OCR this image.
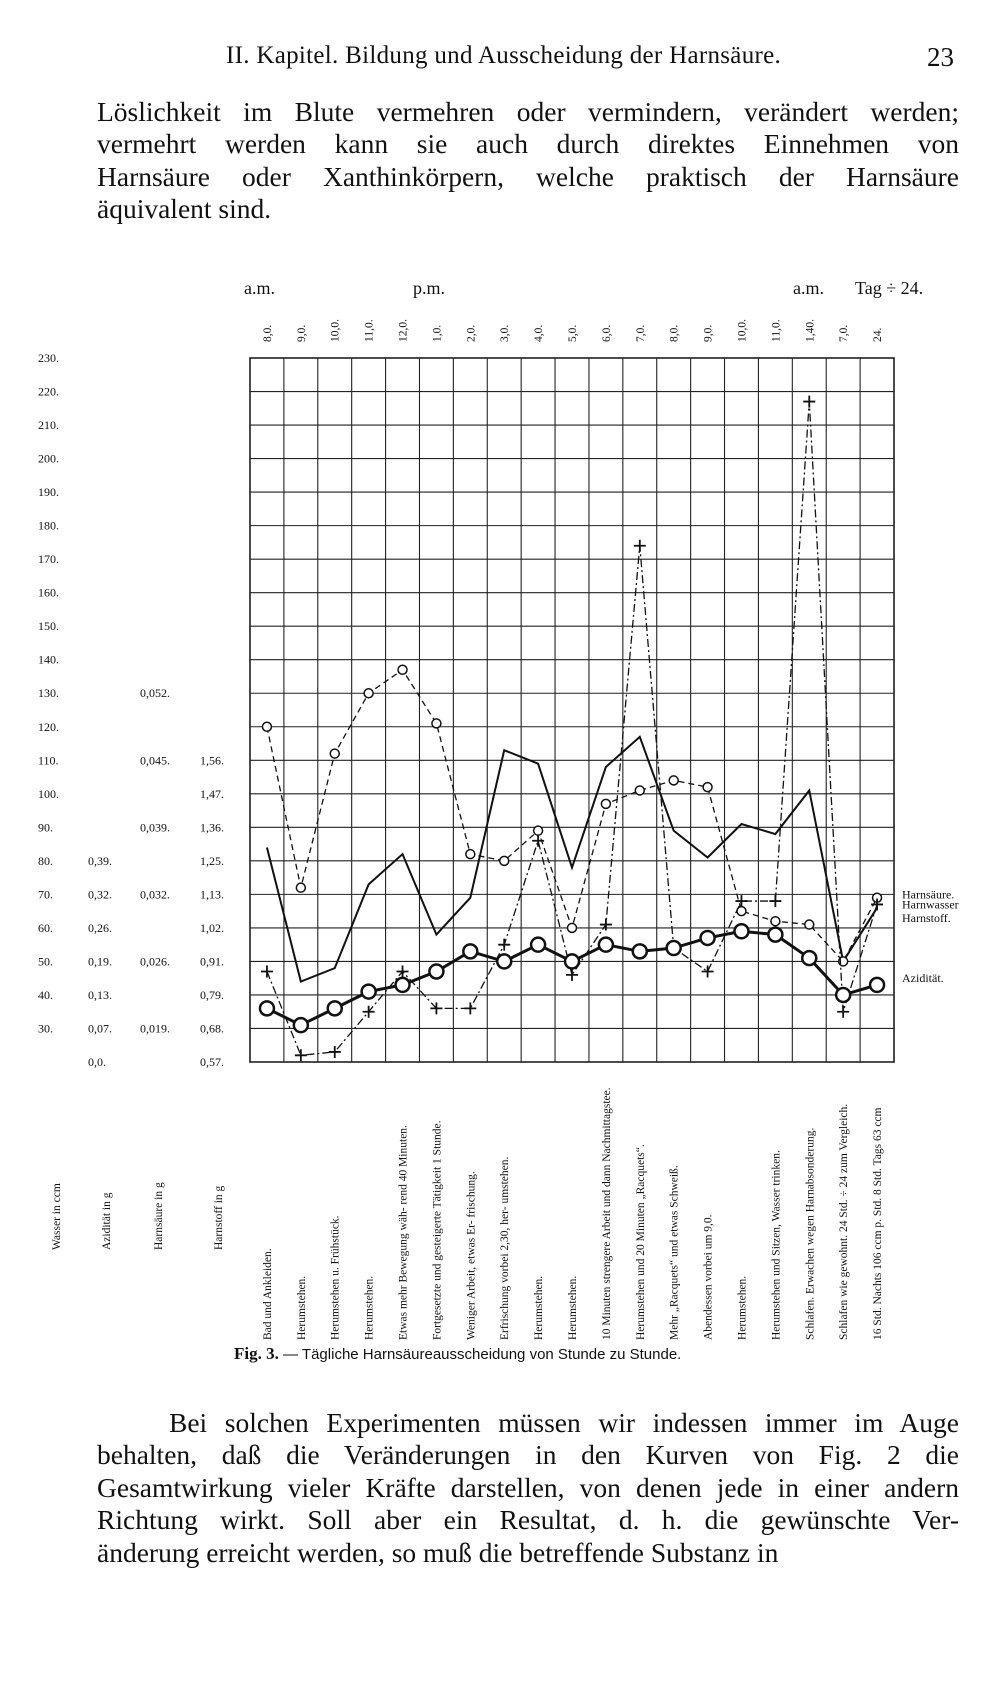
II. Kapitel. Bildung und Ausscheidung der Harnsäure.	23
Löslichkeit im Blute vermehren oder vermindern, verändert werden;
vermehrt werden kann sie auch durch direktes Einnehmen von
Harnsäure oder Xanthinkörpern, welche praktisch der Harnsäure
äquivalent sind.
a.m.	p.m.	a.m. Tag ÷ 24.
8,0. 9,0. 10,0. 11,0. 12,0. 1,0. 2,0. 3,0. 4,0. 5,0. 6,0. 7,0. 8,0. 9,0. 10,0. 11,0. 1,40. 7,0. 24.
230.
220.
210.
200.
190.
180.
170.
160.
150.
140.
130.
120.
110.
100.
90.
80.
70.
60.
50.
40.
30.
0,39.
0,32.
0,26.
0,19.
0,13.
0,07.
0,0.
0,052.
0,045.
0,039.
0,032.
0,026.
0,019.
1,56.
1,47.
1,36.
1,25.
1,13.
1,02.
0,91.
0,79.
0,68.
0,57.
Wasser in ccm	Azidität in g	Harnsäure in g	Harnstoff in g
Harnsäure.
Harnwasser
Harnstoff.
Azidität.
Bad und Ankleiden. Herumstehen. Herumstehen u. Frühstück. Herumstehen. Etwas mehr Bewegung wäh- rend 40 Minuten. Fortgesetzte und gesteigerte Tätigkeit 1 Stunde. Weniger Arbeit, etwas Er- frischung. Erfrischung vorbei 2,30, her- umstehen. Herumstehen. Herumstehen. 10 Minuten strengere Arbeit und dann Nachmittagstee. Herumstehen und 20 Minuten „Racquets“. Mehr „Racquets“ und etwas Schweiß. Abendessen vorbei um 9,0. Herumstehen. Herumstehen und Sitzen, Wasser trinken. Schlafen. Erwachen wegen Harnabsonderung. Schlafen wie gewohnt. 24 Std. ÷ 24 zum Vergleich. 16 Std. Nachts 106 ccm p. Std. 8 Std. Tags 63 ccm
Fig. 3. — Tägliche Harnsäureausscheidung von Stunde zu Stunde.
Bei solchen Experimenten müssen wir indessen immer im Auge
behalten, daß die Veränderungen in den Kurven von Fig. 2 die
Gesamtwirkung vieler Kräfte darstellen, von denen jede in einer andern
Richtung wirkt. Soll aber ein Resultat, d. h. die gewünschte Ver-
änderung erreicht werden, so muß die betreffende Substanz in
